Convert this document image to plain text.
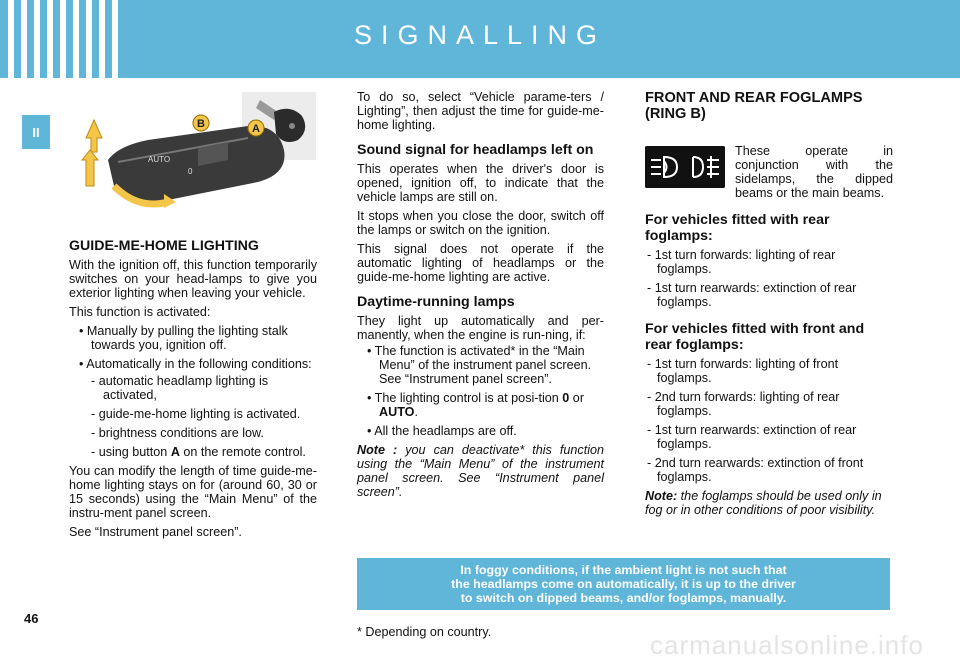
SIGNALLING
II
AUTO
0
B	A
GUIDE-ME-HOME LIGHTING

With the ignition off, this function temporarily switches on your head-lamps to give you exterior lighting when leaving your vehicle.

This function is activated:

• Manually by pulling the lighting stalk towards you, ignition off.

• Automatically in the following conditions:

- automatic headlamp lighting is activated,

- guide-me-home lighting is activated.

- brightness conditions are low.

- using button A on the remote control.

You can modify the length of time guide-me-home lighting stays on for (around 60, 30 or 15 seconds) using the “Main Menu” of the instru-ment panel screen.

See “Instrument panel screen”.

To do so, select “Vehicle parame-ters / Lighting”, then adjust the time for guide-me-home lighting.

Sound signal for headlamps left on

This operates when the driver's door is opened, ignition off, to indicate that the vehicle lamps are still on.

It stops when you close the door, switch off the lamps or switch on the ignition.

This signal does not operate if the automatic lighting of headlamps or the guide-me-home lighting are active.

Daytime-running lamps

They light up automatically and per-manently, when the engine is run-ning, if:

• The function is activated* in the “Main Menu” of the instrument panel screen. See “Instrument panel screen”.

• The lighting control is at posi-tion 0 or AUTO.

• All the headlamps are off.

Note : you can deactivate* this function using the “Main Menu” of the instrument panel screen. See “Instrument panel screen”.

FRONT AND REAR FOGLAMPS (RING B)
These operate in conjunction with the sidelamps, the dipped beams or the main beams.
For vehicles fitted with rear foglamps:

- 1st turn forwards: lighting of rear foglamps.

- 1st turn rearwards: extinction of rear foglamps.

For vehicles fitted with front and rear foglamps:

- 1st turn forwards: lighting of front foglamps.

- 2nd turn forwards: lighting of rear foglamps.

- 1st turn rearwards: extinction of rear foglamps.

- 2nd turn rearwards: extinction of front foglamps.

Note: the foglamps should be used only in fog or in other conditions of poor visibility.

In foggy conditions, if the ambient light is not such that
the headlamps come on automatically, it is up to the driver
to switch on dipped beams, and/or foglamps, manually.
* Depending on country.
46
carmanualsonline.info
